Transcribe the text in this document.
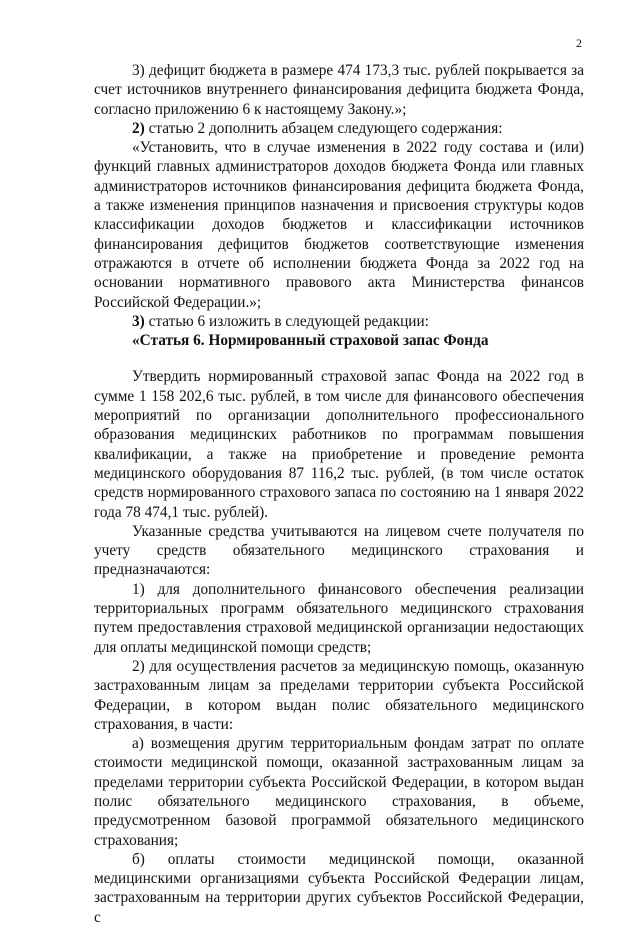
2

3) дефицит бюджета в размере 474 173,3 тыс. рублей покрывается за счет источников внутреннего финансирования дефицита бюджета Фонда, согласно приложению 6 к настоящему Закону.»;

2) статью 2 дополнить абзацем следующего содержания:

«Установить, что в случае изменения в 2022 году состава и (или) функций главных администраторов доходов бюджета Фонда или главных администраторов источников финансирования дефицита бюджета Фонда, а также изменения принципов назначения и присвоения структуры кодов классификации доходов бюджетов и классификации источников финансирования дефицитов бюджетов соответствующие изменения отражаются в отчете об исполнении бюджета Фонда за 2022 год на основании нормативного правового акта Министерства финансов Российской Федерации.»;

3) статью 6 изложить в следующей редакции:

«Статья 6. Нормированный страховой запас Фонда

Утвердить нормированный страховой запас Фонда на 2022 год в сумме 1 158 202,6 тыс. рублей, в том числе для финансового обеспечения мероприятий по организации дополнительного профессионального образования медицинских работников по программам повышения квалификации, а также на приобретение и проведение ремонта медицинского оборудования 87 116,2 тыс. рублей, (в том числе остаток средств нормированного страхового запаса по состоянию на 1 января 2022 года 78 474,1 тыс. рублей).

Указанные средства учитываются на лицевом счете получателя по учету средств обязательного медицинского страхования и предназначаются:

1) для дополнительного финансового обеспечения реализации территориальных программ обязательного медицинского страхования путем предоставления страховой медицинской организации недостающих для оплаты медицинской помощи средств;

2) для осуществления расчетов за медицинскую помощь, оказанную застрахованным лицам за пределами территории субъекта Российской Федерации, в котором выдан полис обязательного медицинского страхования, в части:

а) возмещения другим территориальным фондам затрат по оплате стоимости медицинской помощи, оказанной застрахованным лицам за пределами территории субъекта Российской Федерации, в котором выдан полис обязательного медицинского страхования, в объеме, предусмотренном базовой программой обязательного медицинского страхования;

б) оплаты стоимости медицинской помощи, оказанной медицинскими организациями субъекта Российской Федерации лицам, застрахованным на территории других субъектов Российской Федерации, с
